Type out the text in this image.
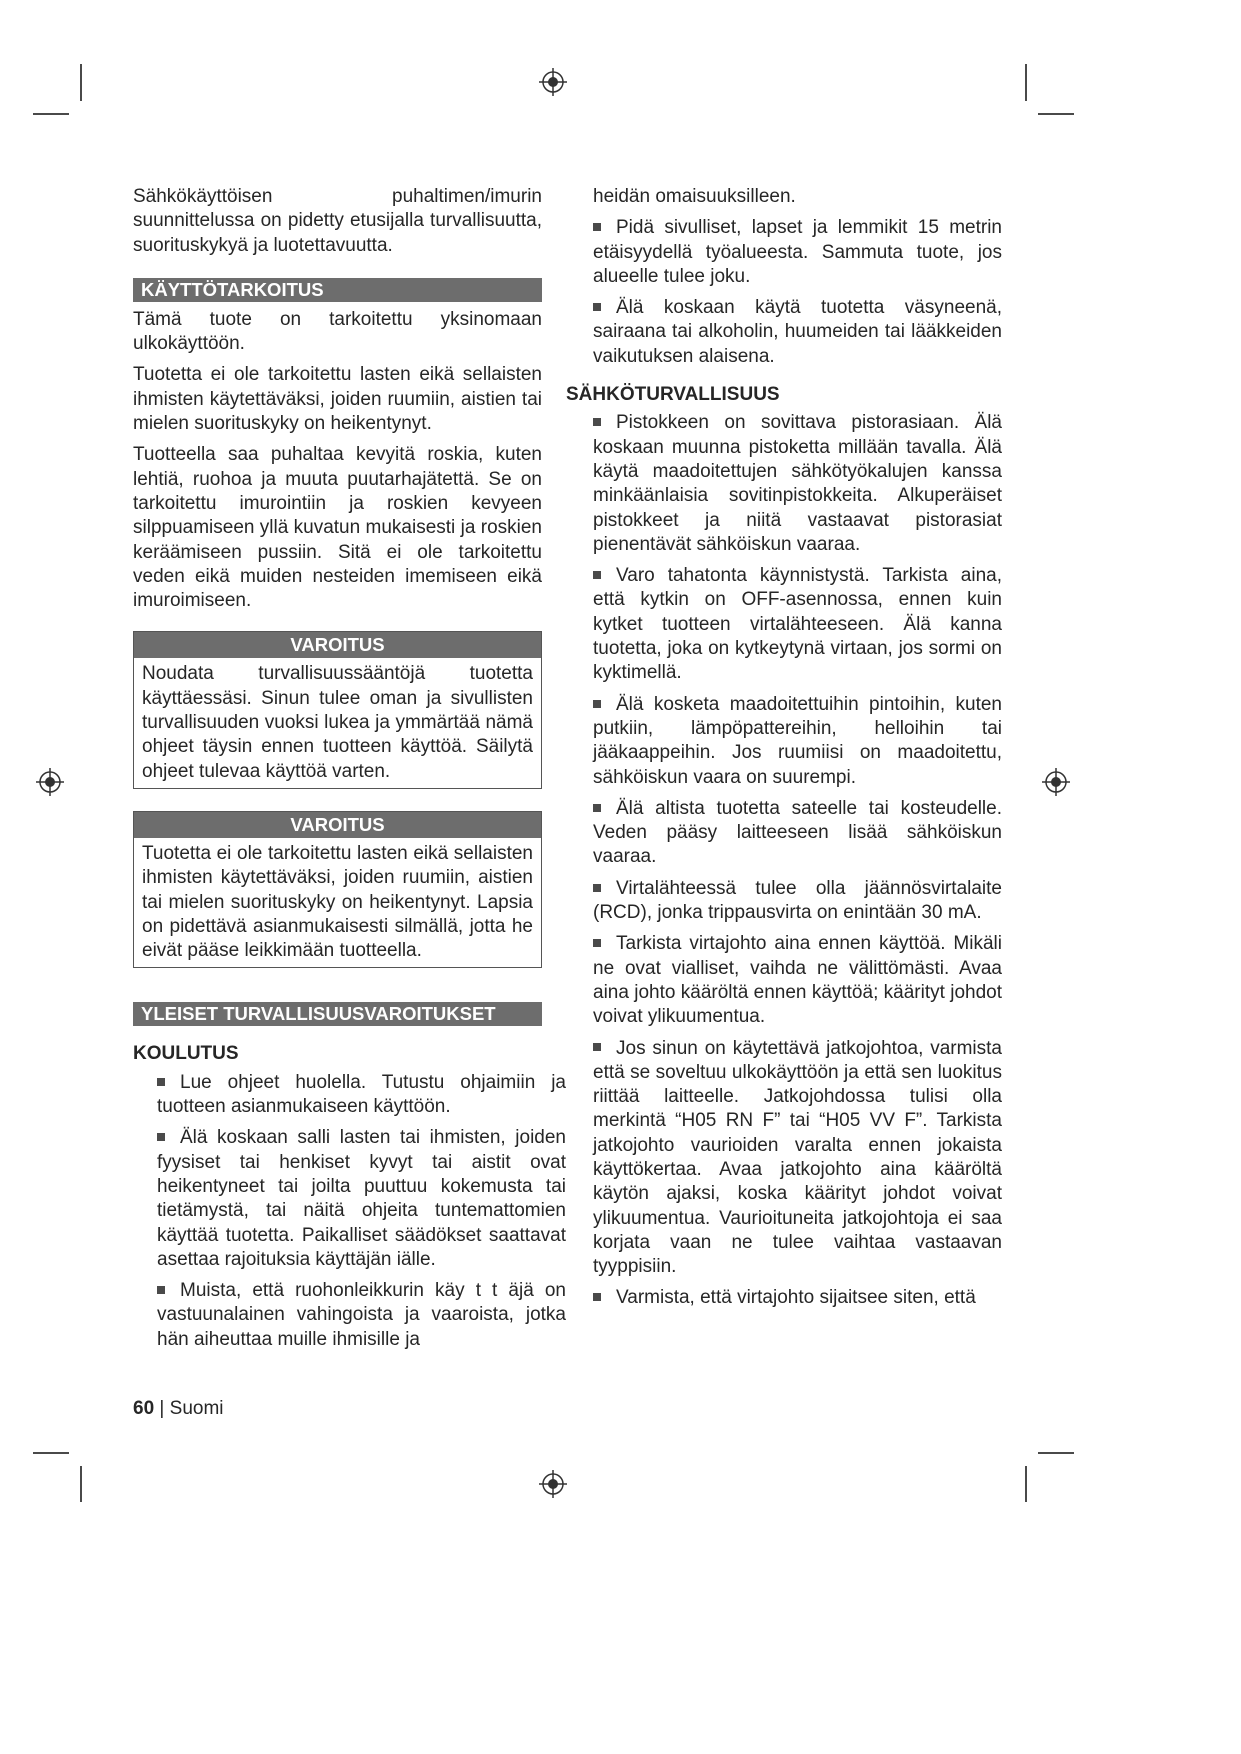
Sähkökäyttöisen puhaltimen/imurin suunnittelussa on pidetty etusijalla turvallisuutta, suorituskykyä ja luotettavuutta.

KÄYTTÖTARKOITUS

Tämä tuote on tarkoitettu yksinomaan ulkokäyttöön.

Tuotetta ei ole tarkoitettu lasten eikä sellaisten ihmisten käytettäväksi, joiden ruumiin, aistien tai mielen suorituskyky on heikentynyt.

Tuotteella saa puhaltaa kevyitä roskia, kuten lehtiä, ruohoa ja muuta puutarhajätettä. Se on tarkoitettu imurointiin ja roskien kevyeen silppuamiseen yllä kuvatun mukaisesti ja roskien keräämiseen pussiin. Sitä ei ole tarkoitettu veden eikä muiden nesteiden imemiseen eikä imuroimiseen.

VAROITUS
Noudata turvallisuussääntöjä tuotetta käyttäessäsi. Sinun tulee oman ja sivullisten turvallisuuden vuoksi lukea ja ymmärtää nämä ohjeet täysin ennen tuotteen käyttöä. Säilytä ohjeet tulevaa käyttöä varten.
VAROITUS
Tuotetta ei ole tarkoitettu lasten eikä sellaisten ihmisten käytettäväksi, joiden ruumiin, aistien tai mielen suorituskyky on heikentynyt. Lapsia on pidettävä asianmukaisesti silmällä, jotta he eivät pääse leikkimään tuotteella.
YLEISET TURVALLISUUSVAROITUKSET
KOULUTUS
Lue ohjeet huolella. Tutustu ohjaimiin ja tuotteen asianmukaiseen käyttöön.
Älä koskaan salli lasten tai ihmisten, joiden fyysiset tai henkiset kyvyt tai aistit ovat heikentyneet tai joilta puuttuu kokemusta tai tietämystä, tai näitä ohjeita tuntemattomien käyttää tuotetta. Paikalliset säädökset saattavat asettaa rajoituksia käyttäjän iälle.
Muista, että ruohonleikkurin käy t t äjä on vastuunalainen vahingoista ja vaaroista, jotka hän aiheuttaa muille ihmisille ja

heidän omaisuuksilleen.

Pidä sivulliset, lapset ja lemmikit 15 metrin etäisyydellä työalueesta. Sammuta tuote, jos alueelle tulee joku.
Älä koskaan käytä tuotetta väsyneenä, sairaana tai alkoholin, huumeiden tai lääkkeiden vaikutuksen alaisena.
SÄHKÖTURVALLISUUS
Pistokkeen on sovittava pistorasiaan. Älä koskaan muunna pistoketta millään tavalla. Älä käytä maadoitettujen sähkötyökalujen kanssa minkäänlaisia sovitinpistokkeita. Alkuperäiset pistokkeet ja niitä vastaavat pistorasiat pienentävät sähköiskun vaaraa.
Varo tahatonta käynnistystä. Tarkista aina, että kytkin on OFF-asennossa, ennen kuin kytket tuotteen virtalähteeseen. Älä kanna tuotetta, joka on kytkeytynä virtaan, jos sormi on kyktimellä.
Älä kosketa maadoitettuihin pintoihin, kuten putkiin, lämpöpattereihin, helloihin tai jääkaappeihin. Jos ruumiisi on maadoitettu, sähköiskun vaara on suurempi.
Älä altista tuotetta sateelle tai kosteudelle. Veden pääsy laitteeseen lisää sähköiskun vaaraa.
Virtalähteessä tulee olla jäännösvirtalaite (RCD), jonka trippausvirta on enintään 30 mA.
Tarkista virtajohto aina ennen käyttöä. Mikäli ne ovat vialliset, vaihda ne välittömästi. Avaa aina johto kääröltä ennen käyttöä; käärityt johdot voivat ylikuumentua.
Jos sinun on käytettävä jatkojohtoa, varmista että se soveltuu ulkokäyttöön ja että sen luokitus riittää laitteelle. Jatkojohdossa tulisi olla merkintä “H05 RN F” tai “H05 VV F”. Tarkista jatkojohto vaurioiden varalta ennen jokaista käyttökertaa. Avaa jatkojohto aina kääröltä käytön ajaksi, koska käärityt johdot voivat ylikuumentua. Vaurioituneita jatkojohtoja ei saa korjata vaan ne tulee vaihtaa vastaavan tyyppisiin.
Varmista, että virtajohto sijaitsee siten, että
60 | Suomi
